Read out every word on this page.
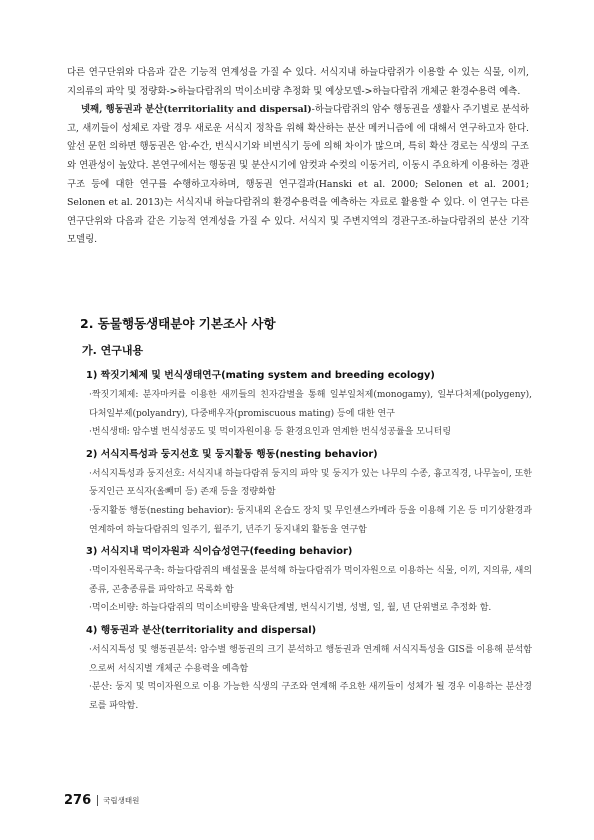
다른 연구단위와 다음과 같은 기능적 연계성을 가질 수 있다. 서식지내 하늘다람쥐가 이용할 수 있는 식물, 이끼, 지의류의 파악 및 정량화->하늘다람쥐의 먹이소비량 추정화 및 예상모델->하늘다람쥐 개체군 환경수용력 예측.

넷째, 행동권과 분산(territoriality and dispersal)-하늘다람쥐의 암수 행동권을 생활사 주기별로 분석하고, 새끼들이 성체로 자랄 경우 새로운 서식지 정착을 위해 확산하는 분산 메커니즘에 에 대해서 연구하고자 한다. 앞선 문헌 의하면 행동권은 암·수간, 번식시기와 비번식기 등에 의해 차이가 많으며, 특히 확산 경로는 식생의 구조와 연관성이 높았다. 본연구에서는 행동권 및 분산시기에 암컷과 수컷의 이동거리, 이동시 주요하게 이용하는 경관구조 등에 대한 연구를 수행하고자하며, 행동권 연구결과(Hanski et al. 2000; Selonen et al. 2001; Selonen et al. 2013)는 서식지내 하늘다람쥐의 환경수용력을 예측하는 자료로 활용할 수 있다. 이 연구는 다른 연구단위와 다음과 같은 기능적 연계성을 가질 수 있다. 서식지 및 주변지역의 경관구조-하늘다람쥐의 분산 기작 모델링.

2. 동물행동생태분야 기본조사 사항
가. 연구내용
1) 짝짓기체제 및 번식생태연구(mating system and breeding ecology)
·짝짓기체제: 분자마커를 이용한 새끼들의 친자감별을 통해 일부일처제(monogamy), 일부다처제(polygeny), 다처일부제(polyandry), 다중배우자(promiscuous mating) 등에 대한 연구
·번식생태: 암수별 번식성공도 및 먹이자원이용 등 환경요인과 연계한 번식성공률을 모니터링
2) 서식지특성과 둥지선호 및 둥지활동 행동(nesting behavior)
·서식지특성과 둥지선호: 서식지내 하늘다람쥐 둥지의 파악 및 둥지가 있는 나무의 수종, 흉고직경, 나무높이, 또한 둥지인근 포식자(올빼미 등) 존재 등을 정량화함
·둥지활동 행동(nesting behavior): 둥지내외 온습도 장치 및 무인센스카메라 등을 이용해 기온 등 미기상환경과 연계하여 하늘다람쥐의 일주기, 월주기, 년주기 둥지내외 활동을 연구함
3) 서식지내 먹이자원과 식이습성연구(feeding behavior)
·먹이자원목록구축: 하늘다람쥐의 배설물을 분석해 하늘다람쥐가 먹이자원으로 이용하는 식물, 이끼, 지의류, 새의 종류, 곤충종류를 파악하고 목록화 함
·먹이소비량: 하늘다람쥐의 먹이소비량을 발육단계별, 번식시기별, 성별, 일, 월, 년 단위별로 추정화 함.
4) 행동권과 분산(territoriality and dispersal)
·서식지특성 및 행동권분석: 암수별 행동권의 크기 분석하고 행동권과 연계해 서식지특성을 GIS를 이용해 분석함으로써 서식지별 개체군 수용력을 예측함
·분산: 둥지 및 먹이자원으로 이용 가능한 식생의 구조와 연계해 주요한 새끼들이 성체가 될 경우 이용하는 분산경로를 파악함.
276 국립생태원
